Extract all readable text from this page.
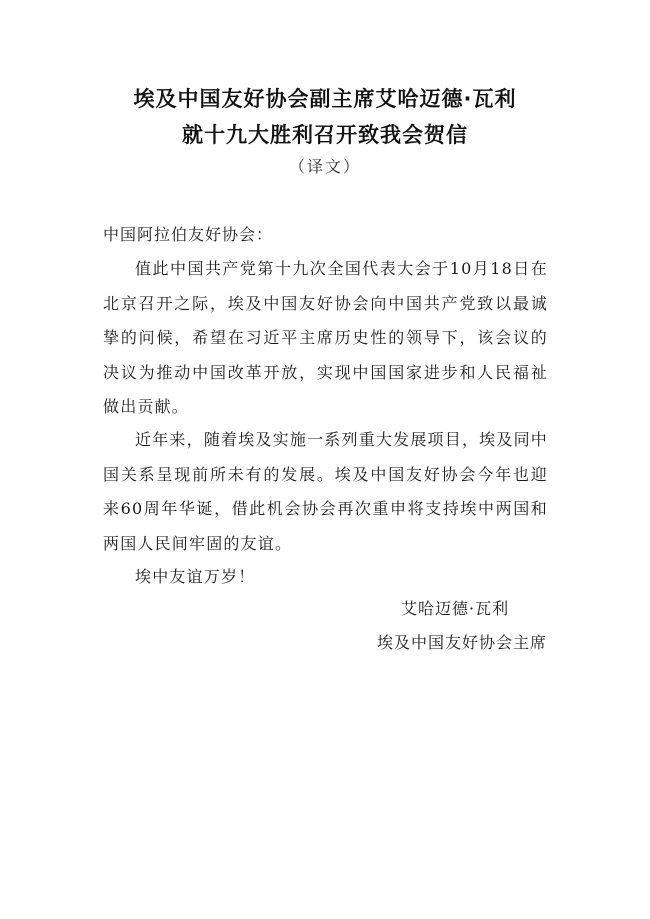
埃及中国友好协会副主席艾哈迈德·瓦利
就十九大胜利召开致我会贺信
（译文）
中国阿拉伯友好协会：
值此中国共产党第十九次全国代表大会于10月18日在北京召开之际，埃及中国友好协会向中国共产党致以最诚挚的问候，希望在习近平主席历史性的领导下，该会议的决议为推动中国改革开放，实现中国国家进步和人民福祉做出贡献。
近年来，随着埃及实施一系列重大发展项目，埃及同中国关系呈现前所未有的发展。埃及中国友好协会今年也迎来60周年华诞，借此机会协会再次重申将支持埃中两国和两国人民间牢固的友谊。
埃中友谊万岁！
艾哈迈德·瓦利
埃及中国友好协会主席
